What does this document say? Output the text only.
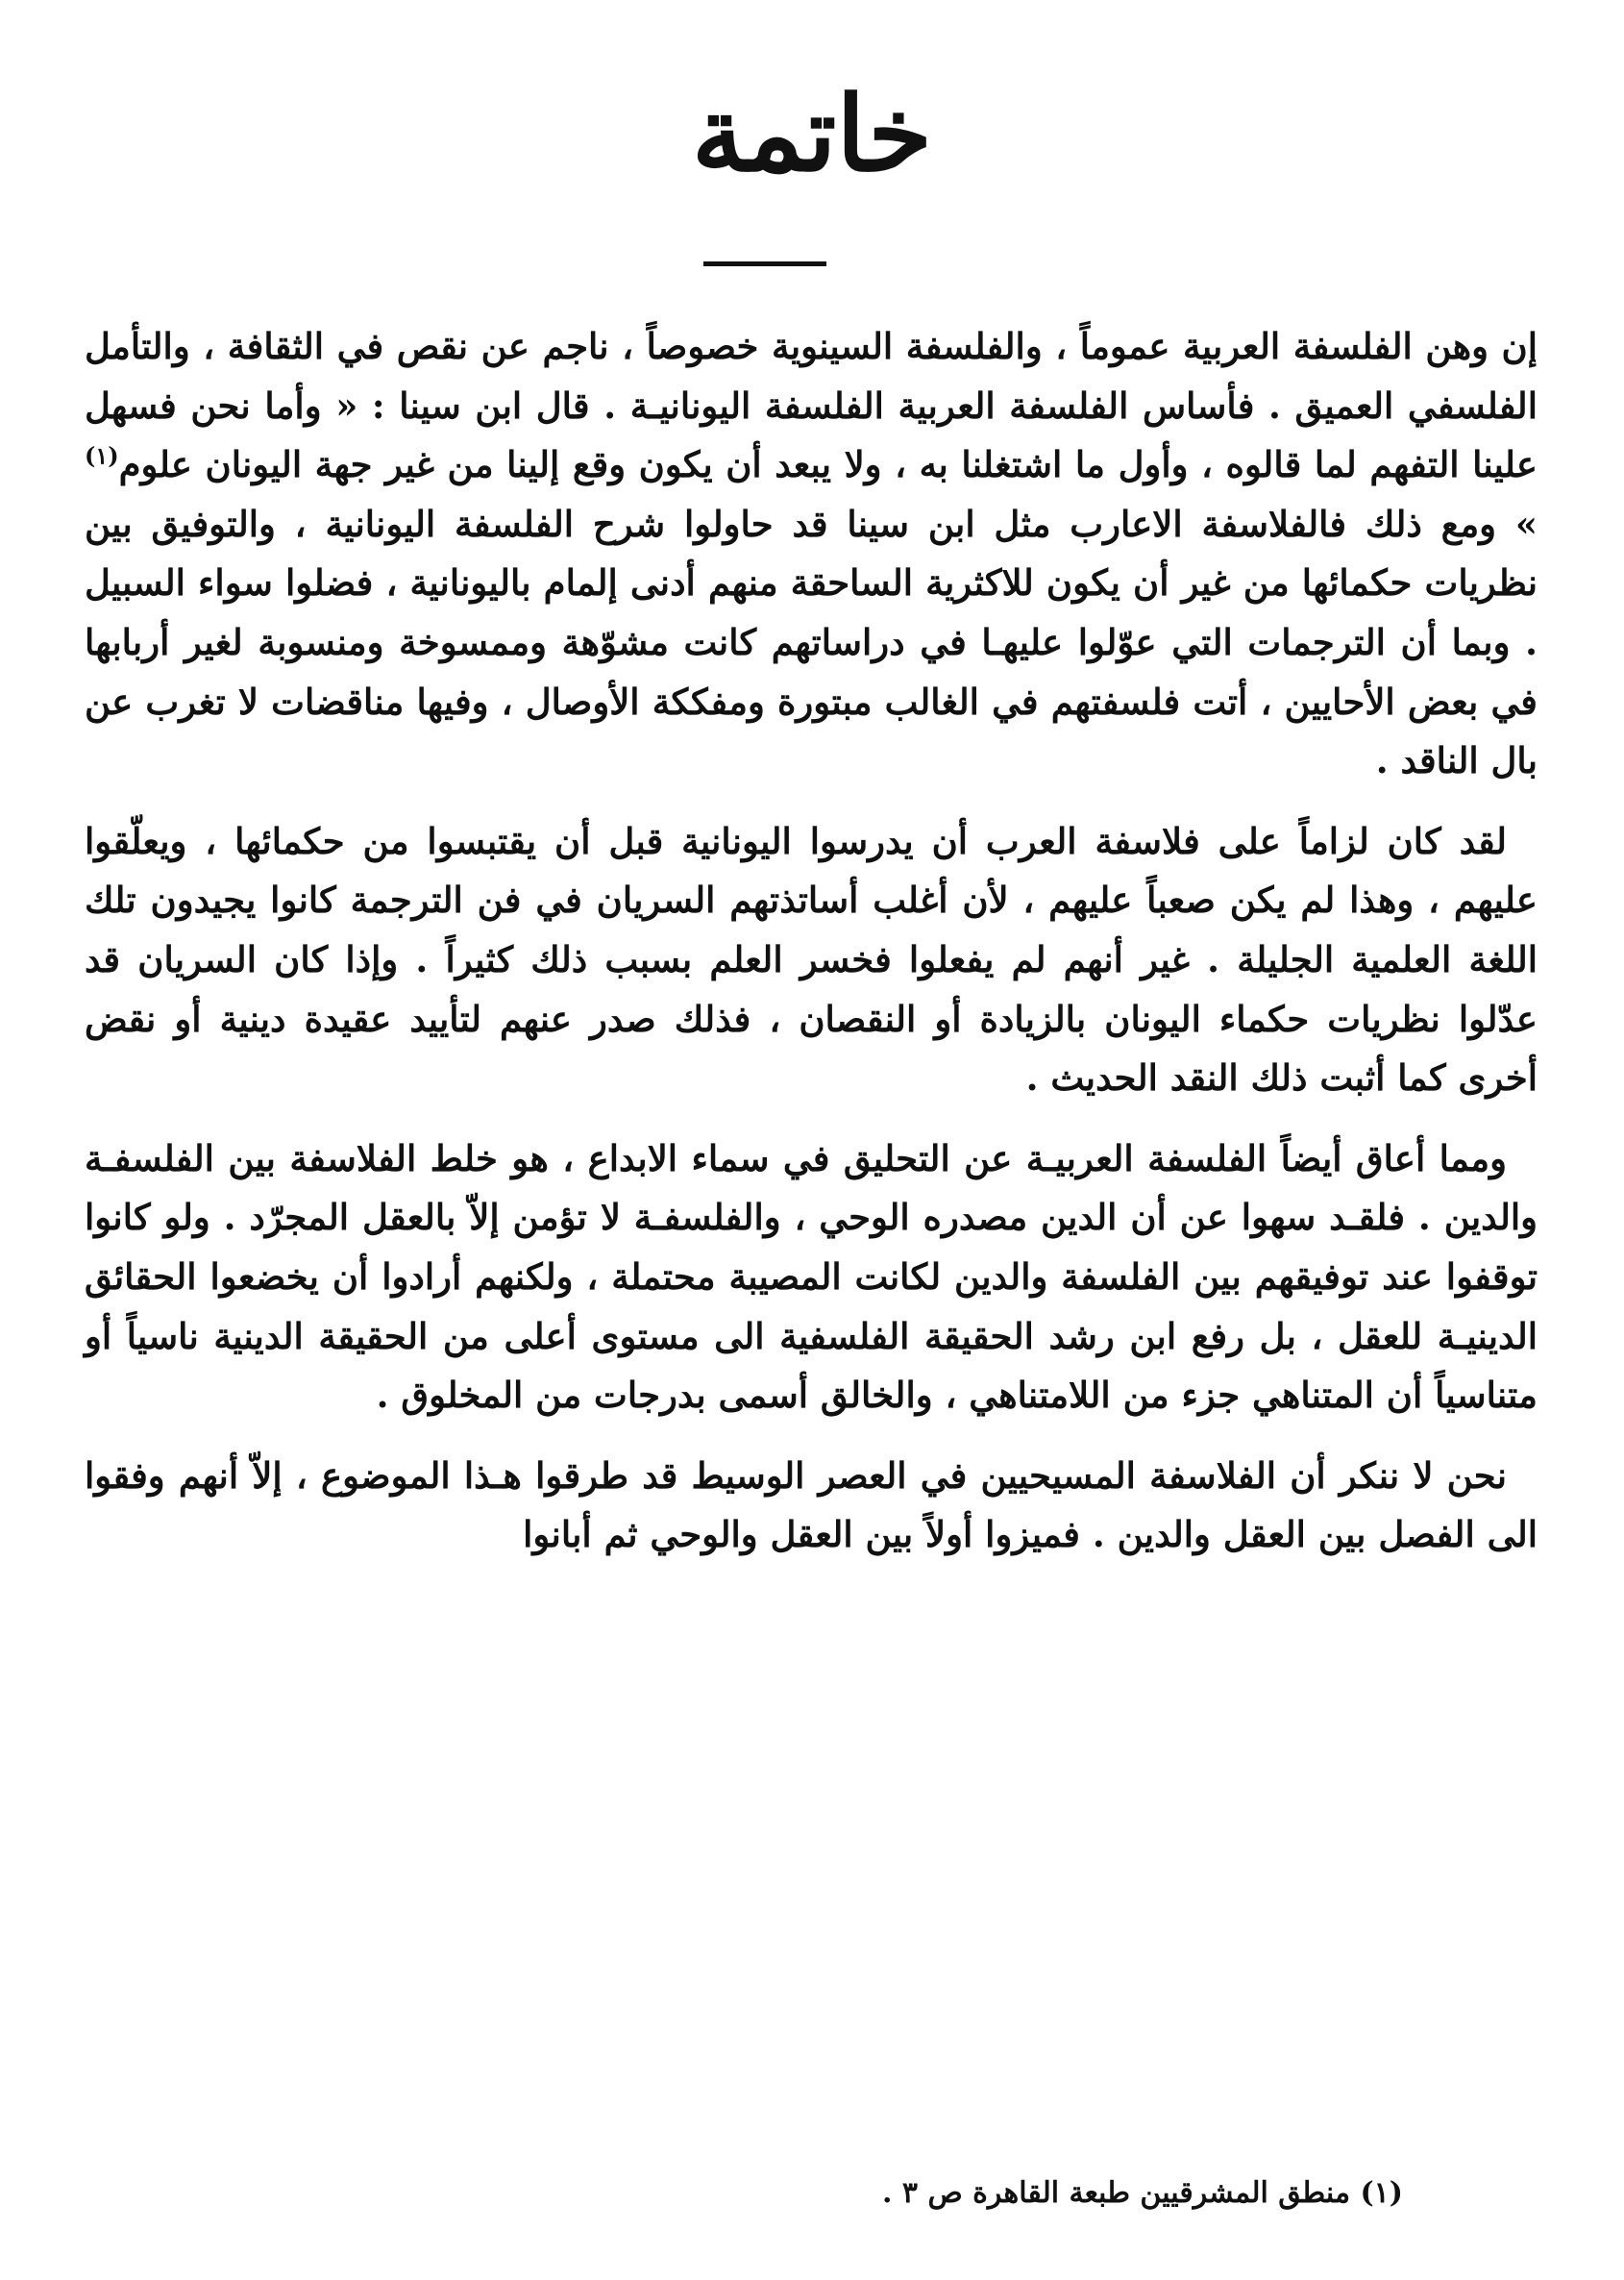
خاتمة

إن وهن الفلسفة العربية عموماً ، والفلسفة السينوية خصوصاً ، ناجم عن نقص في الثقافة ، والتأمل الفلسفي العميق . فأساس الفلسفة العربية الفلسفة اليونانيـة . قال ابن سينا : « وأما نحن فسهل علينا التفهم لما قالوه ، وأول ما اشتغلنا به ، ولا يبعد أن يكون وقع إلينا من غير جهة اليونان علوم$^{(١)}$ » ومع ذلك فالفلاسفة الاعارب مثل ابن سينا قد حاولوا شرح الفلسفة اليونانية ، والتوفيق بين نظريات حكمائها من غير أن يكون للاكثرية الساحقة منهم أدنى إلمام باليونانية ، فضلوا سواء السبيل . وبما أن الترجمات التي عوّلوا عليهـا في دراساتهم كانت مشوّهة وممسوخة ومنسوبة لغير أربابها في بعض الأحايين ، أتت فلسفتهم في الغالب مبتورة ومفككة الأوصال ، وفيها مناقضات لا تغرب عن بال الناقد .

لقد كان لزاماً على فلاسفة العرب أن يدرسوا اليونانية قبل أن يقتبسوا من حكمائها ، ويعلّقوا عليهم ، وهذا لم يكن صعباً عليهم ، لأن أغلب أساتذتهم السريان في فن الترجمة كانوا يجيدون تلك اللغة العلمية الجليلة . غير أنهم لم يفعلوا فخسر العلم بسبب ذلك كثيراً . وإذا كان السريان قد عدّلوا نظريات حكماء اليونان بالزيادة أو النقصان ، فذلك صدر عنهم لتأييد عقيدة دينية أو نقض أخرى كما أثبت ذلك النقد الحديث .

ومما أعاق أيضاً الفلسفة العربيـة عن التحليق في سماء الابداع ، هو خلط الفلاسفة بين الفلسفـة والدين . فلقـد سهوا عن أن الدين مصدره الوحي ، والفلسفـة لا تؤمن إلاّ بالعقل المجرّد . ولو كانوا توقفوا عند توفيقهم بين الفلسفة والدين لكانت المصيبة محتملة ، ولكنهم أرادوا أن يخضعوا الحقائق الدينيـة للعقل ، بل رفع ابن رشد الحقيقة الفلسفية الى مستوى أعلى من الحقيقة الدينية ناسياً أو متناسياً أن المتناهي جزء من اللامتناهي ، والخالق أسمى بدرجات من المخلوق .

نحن لا ننكر أن الفلاسفة المسيحيين في العصر الوسيط قد طرقوا هـذا الموضوع ، إلاّ أنهم وفقوا الى الفصل بين العقل والدين . فميزوا أولاً بين العقل والوحي ثم أبانوا

(١) منطق المشرقيين طبعة القاهرة ص ٣ .
